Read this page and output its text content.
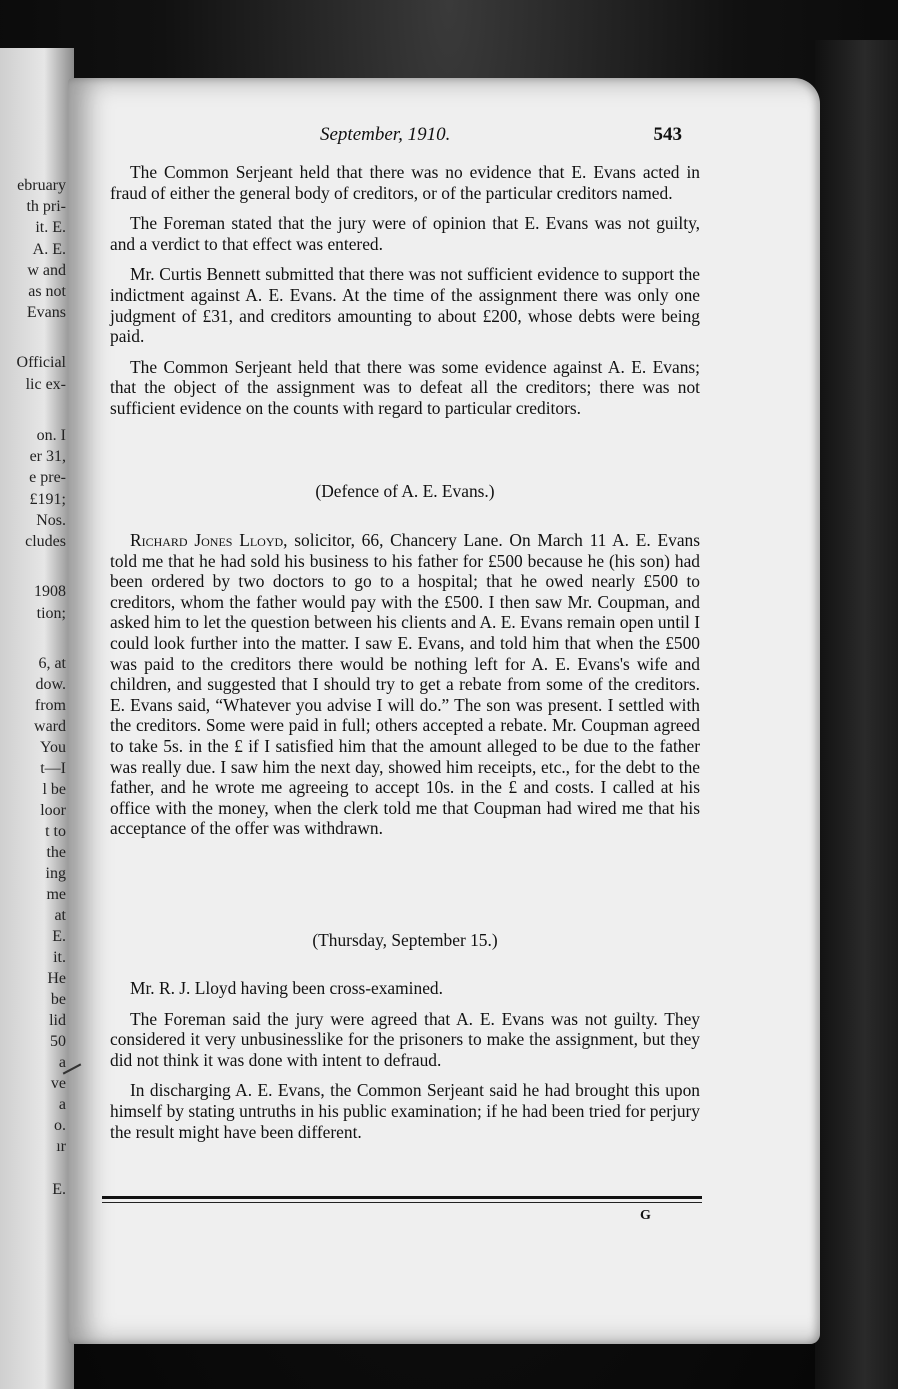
ebruary
th pri-
it. E.
A. E.
w and
as not
Evans
Official
lic ex-
on. I
er 31,
e pre-
£191;
Nos.
cludes
1908
tion;
6, at
dow.
from
ward
You
t—I
l be
loor
t to
the
ing
me
at
E.
it.
He
be
lid
50
a
ve
a
o.
ır
E.
September, 1910.	543

The Common Serjeant held that there was no evidence that E. Evans acted in fraud of either the general body of creditors, or of the particular creditors named.

The Foreman stated that the jury were of opinion that E. Evans was not guilty, and a verdict to that effect was entered.

Mr. Curtis Bennett submitted that there was not sufficient evidence to support the indictment against A. E. Evans. At the time of the assignment there was only one judgment of £31, and creditors amounting to about £200, whose debts were being paid.

The Common Serjeant held that there was some evidence against A. E. Evans; that the object of the assignment was to defeat all the creditors; there was not sufficient evidence on the counts with regard to particular creditors.

(Defence of A. E. Evans.)

Richard Jones Lloyd, solicitor, 66, Chancery Lane. On March 11 A. E. Evans told me that he had sold his business to his father for £500 because he (his son) had been ordered by two doctors to go to a hospital; that he owed nearly £500 to creditors, whom the father would pay with the £500. I then saw Mr. Coupman, and asked him to let the question between his clients and A. E. Evans remain open until I could look further into the matter. I saw E. Evans, and told him that when the £500 was paid to the creditors there would be nothing left for A. E. Evans's wife and children, and suggested that I should try to get a rebate from some of the creditors. E. Evans said, “Whatever you advise I will do.” The son was present. I settled with the creditors. Some were paid in full; others accepted a rebate. Mr. Coupman agreed to take 5s. in the £ if I satisfied him that the amount alleged to be due to the father was really due. I saw him the next day, showed him receipts, etc., for the debt to the father, and he wrote me agreeing to accept 10s. in the £ and costs. I called at his office with the money, when the clerk told me that Coupman had wired me that his acceptance of the offer was withdrawn.

(Thursday, September 15.)

Mr. R. J. Lloyd having been cross-examined.

The Foreman said the jury were agreed that A. E. Evans was not guilty. They considered it very unbusinesslike for the prisoners to make the assignment, but they did not think it was done with intent to defraud.

In discharging A. E. Evans, the Common Serjeant said he had brought this upon himself by stating untruths in his public examination; if he had been tried for perjury the result might have been different.

G
